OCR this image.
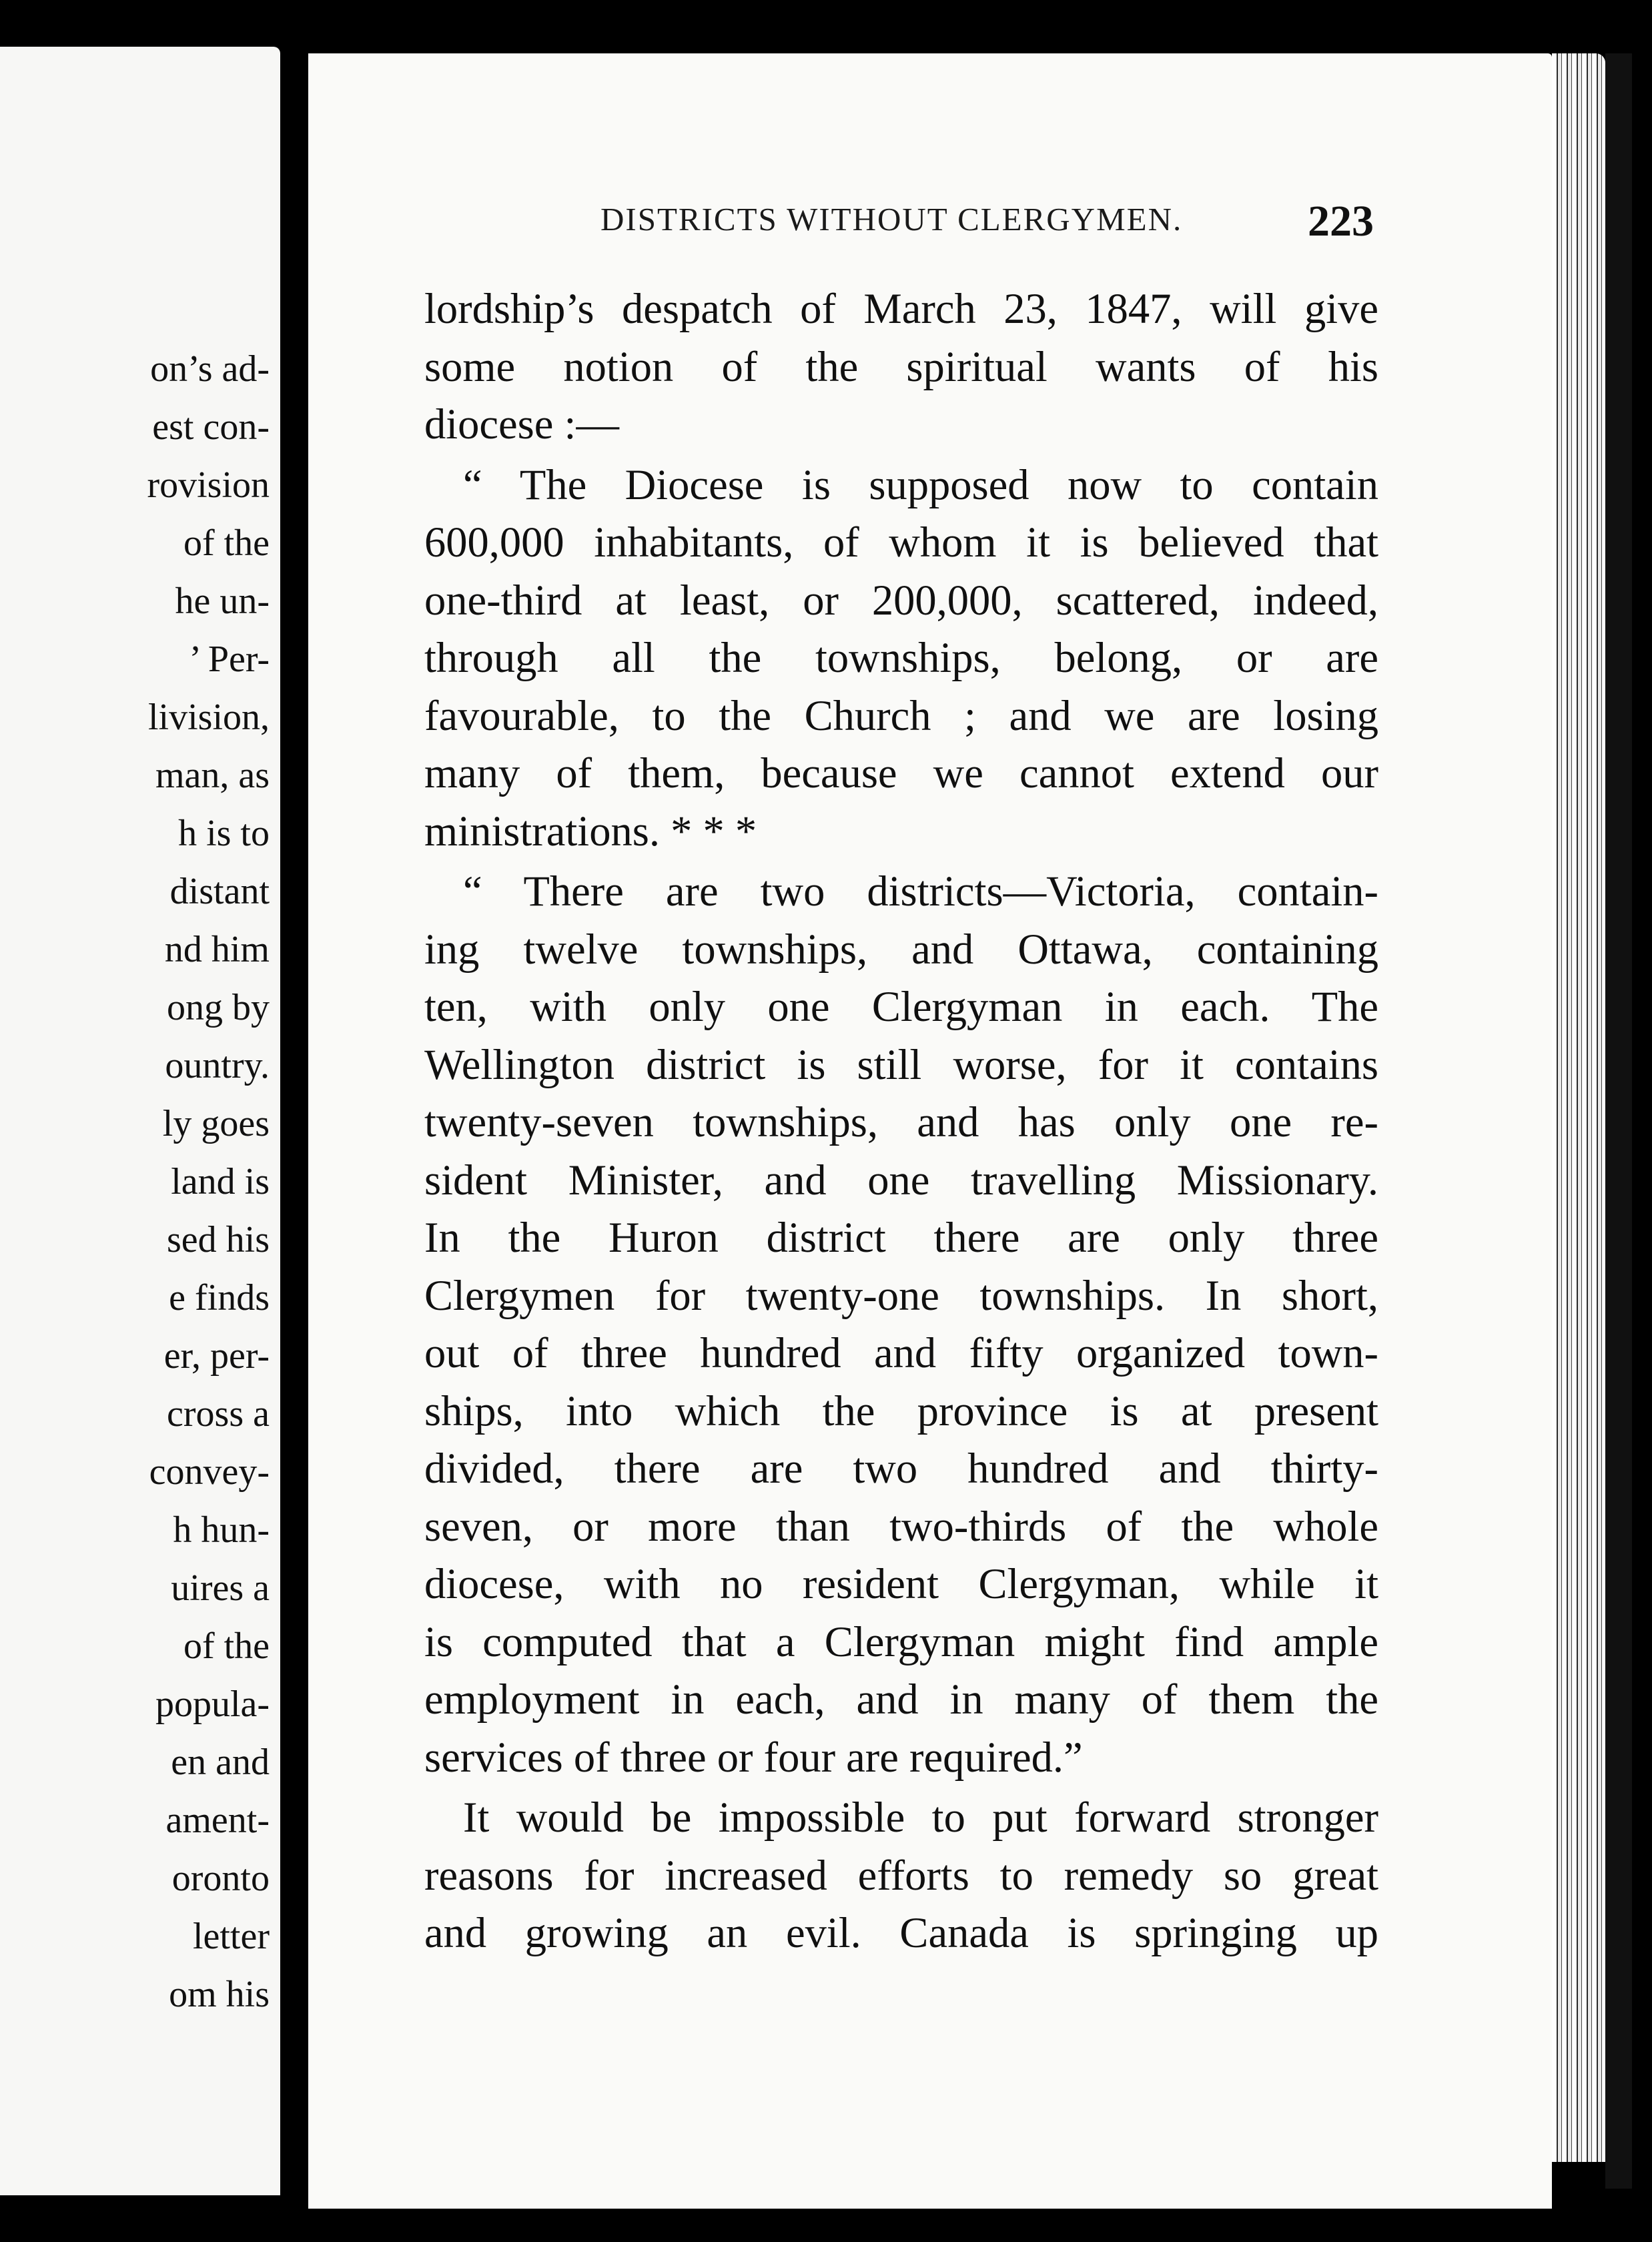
on’s ad-
est con-
rovision
of the
he un-
’ Per-
livision,
man, as
h is to
distant
nd him
ong by
ountry.
ly goes
land is
sed his
e finds
er, per-
cross a
convey-
h hun-
uires a
of the
popula-
en and
ament-
oronto
letter
om his
DISTRICTS WITHOUT CLERGYMEN.	223
lordship’s despatch of March 23, 1847, will give
some notion of the spiritual wants of his
diocese :—
“ The Diocese is supposed now to contain
600,000 inhabitants, of whom it is believed that
one-third at least, or 200,000, scattered, indeed,
through all the townships, belong, or are
favourable, to the Church ; and we are losing
many of them, because we cannot extend our
ministrations. * * *
“ There are two districts—Victoria, contain-
ing twelve townships, and Ottawa, containing
ten, with only one Clergyman in each. The
Wellington district is still worse, for it contains
twenty-seven townships, and has only one re-
sident Minister, and one travelling Missionary.
In the Huron district there are only three
Clergymen for twenty-one townships. In short,
out of three hundred and fifty organized town-
ships, into which the province is at present
divided, there are two hundred and thirty-
seven, or more than two-thirds of the whole
diocese, with no resident Clergyman, while it
is computed that a Clergyman might find ample
employment in each, and in many of them the
services of three or four are required.”
It would be impossible to put forward stronger
reasons for increased efforts to remedy so great
and growing an evil. Canada is springing up
